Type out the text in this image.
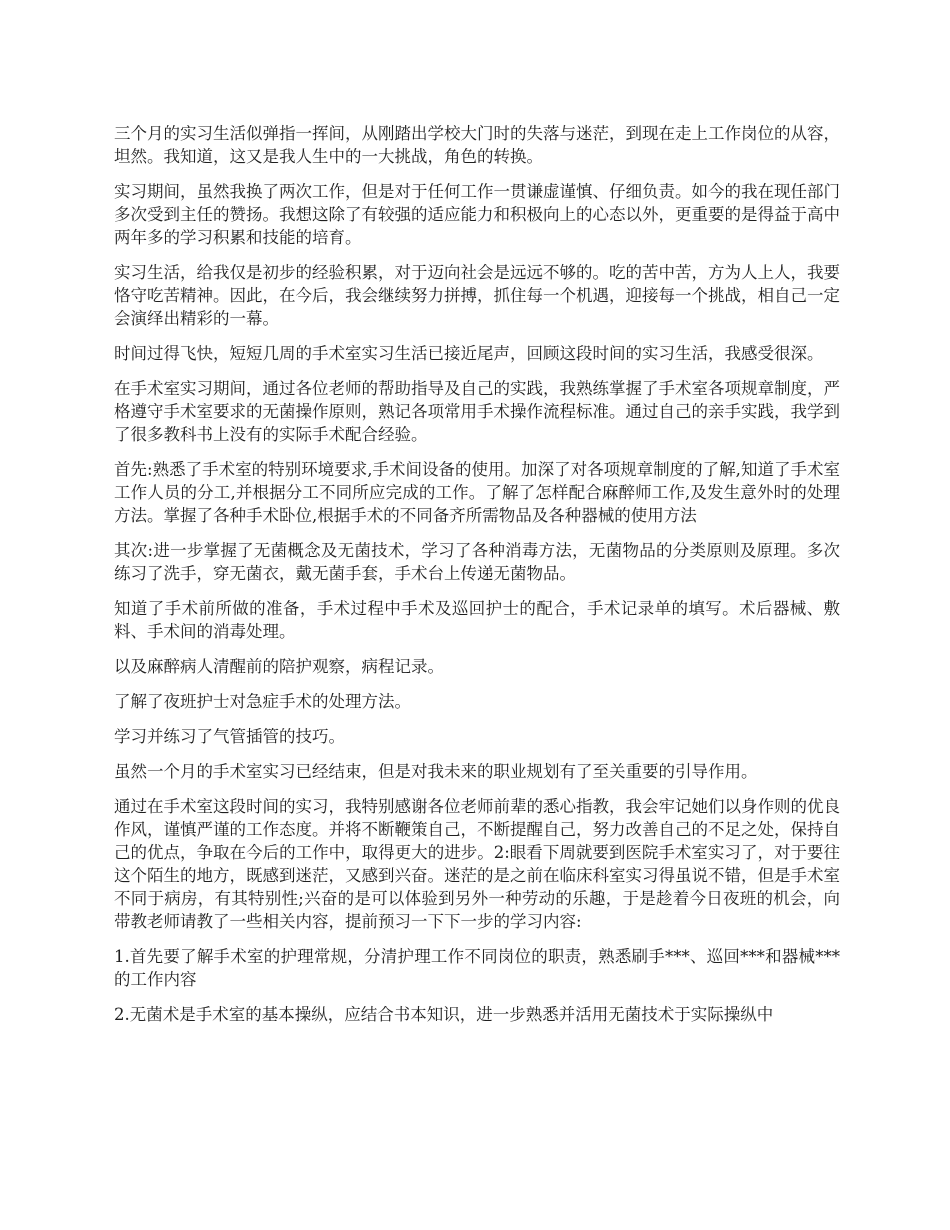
三个月的实习生活似弹指一挥间，从刚踏出学校大门时的失落与迷茫，到现在走上工作岗位的从容，坦然。我知道，这又是我人生中的一大挑战，角色的转换。

实习期间，虽然我换了两次工作，但是对于任何工作一贯谦虚谨慎、仔细负责。如今的我在现任部门多次受到主任的赞扬。我想这除了有较强的适应能力和积极向上的心态以外，更重要的是得益于高中两年多的学习积累和技能的培育。

实习生活，给我仅是初步的经验积累，对于迈向社会是远远不够的。吃的苦中苦，方为人上人，我要恪守吃苦精神。因此，在今后，我会继续努力拼搏，抓住每一个机遇，迎接每一个挑战，相自己一定会演绎出精彩的一幕。

时间过得飞快，短短几周的手术室实习生活已接近尾声，回顾这段时间的实习生活，我感受很深。

在手术室实习期间，通过各位老师的帮助指导及自己的实践，我熟练掌握了手术室各项规章制度，严格遵守手术室要求的无菌操作原则，熟记各项常用手术操作流程标准。通过自己的亲手实践，我学到了很多教科书上没有的实际手术配合经验。

首先:熟悉了手术室的特别环境要求,手术间设备的使用。加深了对各项规章制度的了解,知道了手术室工作人员的分工,并根据分工不同所应完成的工作。了解了怎样配合麻醉师工作,及发生意外时的处理方法。掌握了各种手术卧位,根据手术的不同备齐所需物品及各种器械的使用方法

其次:进一步掌握了无菌概念及无菌技术，学习了各种消毒方法，无菌物品的分类原则及原理。多次练习了洗手，穿无菌衣，戴无菌手套，手术台上传递无菌物品。

知道了手术前所做的准备，手术过程中手术及巡回护士的配合，手术记录单的填写。术后器械、敷料、手术间的消毒处理。

以及麻醉病人清醒前的陪护观察，病程记录。

了解了夜班护士对急症手术的处理方法。

学习并练习了气管插管的技巧。

虽然一个月的手术室实习已经结束，但是对我未来的职业规划有了至关重要的引导作用。

通过在手术室这段时间的实习，我特别感谢各位老师前辈的悉心指教，我会牢记她们以身作则的优良作风，谨慎严谨的工作态度。并将不断鞭策自己，不断提醒自己，努力改善自己的不足之处，保持自己的优点，争取在今后的工作中，取得更大的进步。2:眼看下周就要到医院手术室实习了，对于要往这个陌生的地方，既感到迷茫，又感到兴奋。迷茫的是之前在临床科室实习得虽说不错，但是手术室不同于病房，有其特别性;兴奋的是可以体验到另外一种劳动的乐趣，于是趁着今日夜班的机会，向带教老师请教了一些相关内容，提前预习一下下一步的学习内容:

1.首先要了解手术室的护理常规，分清护理工作不同岗位的职责，熟悉刷手***、巡回***和器械***的工作内容

2.无菌术是手术室的基本操纵，应结合书本知识，进一步熟悉并活用无菌技术于实际操纵中
